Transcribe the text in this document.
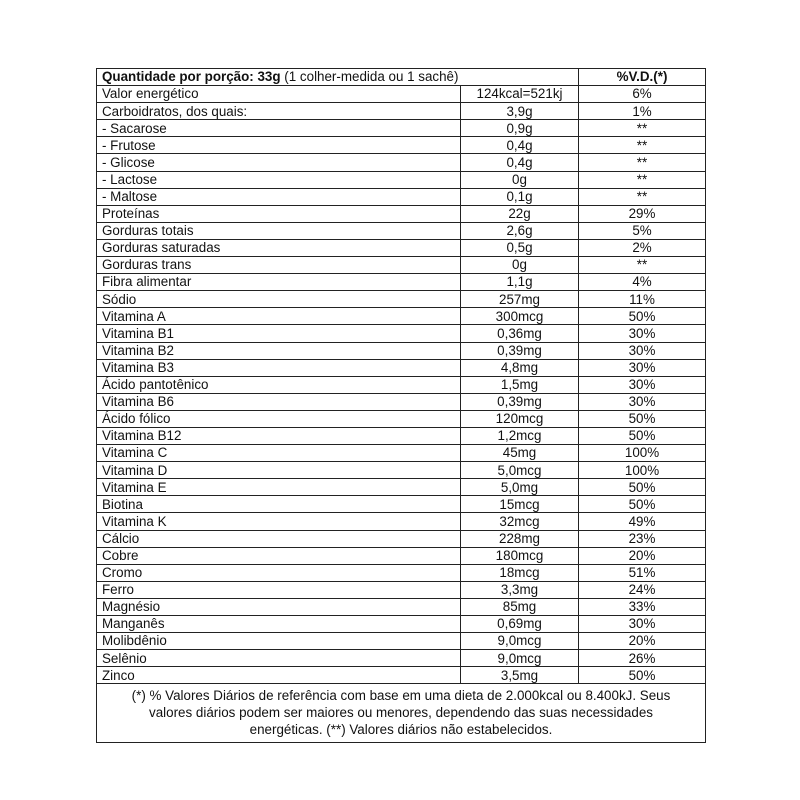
Quantidade por porção: 33g (1 colher-medida ou 1 sachê)		%V.D.(*)
Valor energético	124kcal=521kj	6%
Carboidratos, dos quais:	3,9g	1%
- Sacarose	0,9g	**
- Frutose	0,4g	**
- Glicose	0,4g	**
- Lactose	0g	**
- Maltose	0,1g	**
Proteínas	22g	29%
Gorduras totais	2,6g	5%
Gorduras saturadas	0,5g	2%
Gorduras trans	0g	**
Fibra alimentar	1,1g	4%
Sódio	257mg	11%
Vitamina A	300mcg	50%
Vitamina B1	0,36mg	30%
Vitamina B2	0,39mg	30%
Vitamina B3	4,8mg	30%
Ácido pantotênico	1,5mg	30%
Vitamina B6	0,39mg	30%
Ácido fólico	120mcg	50%
Vitamina B12	1,2mcg	50%
Vitamina C	45mg	100%
Vitamina D	5,0mcg	100%
Vitamina E	5,0mg	50%
Biotina	15mcg	50%
Vitamina K	32mcg	49%
Cálcio	228mg	23%
Cobre	180mcg	20%
Cromo	18mcg	51%
Ferro	3,3mg	24%
Magnésio	85mg	33%
Manganês	0,69mg	30%
Molibdênio	9,0mcg	20%
Selênio	9,0mcg	26%
Zinco	3,5mg	50%
(*) % Valores Diários de referência com base em uma dieta de 2.000kcal ou 8.400kJ. Seus
valores diários podem ser maiores ou menores, dependendo das suas necessidades
energéticas. (**) Valores diários não estabelecidos.		
